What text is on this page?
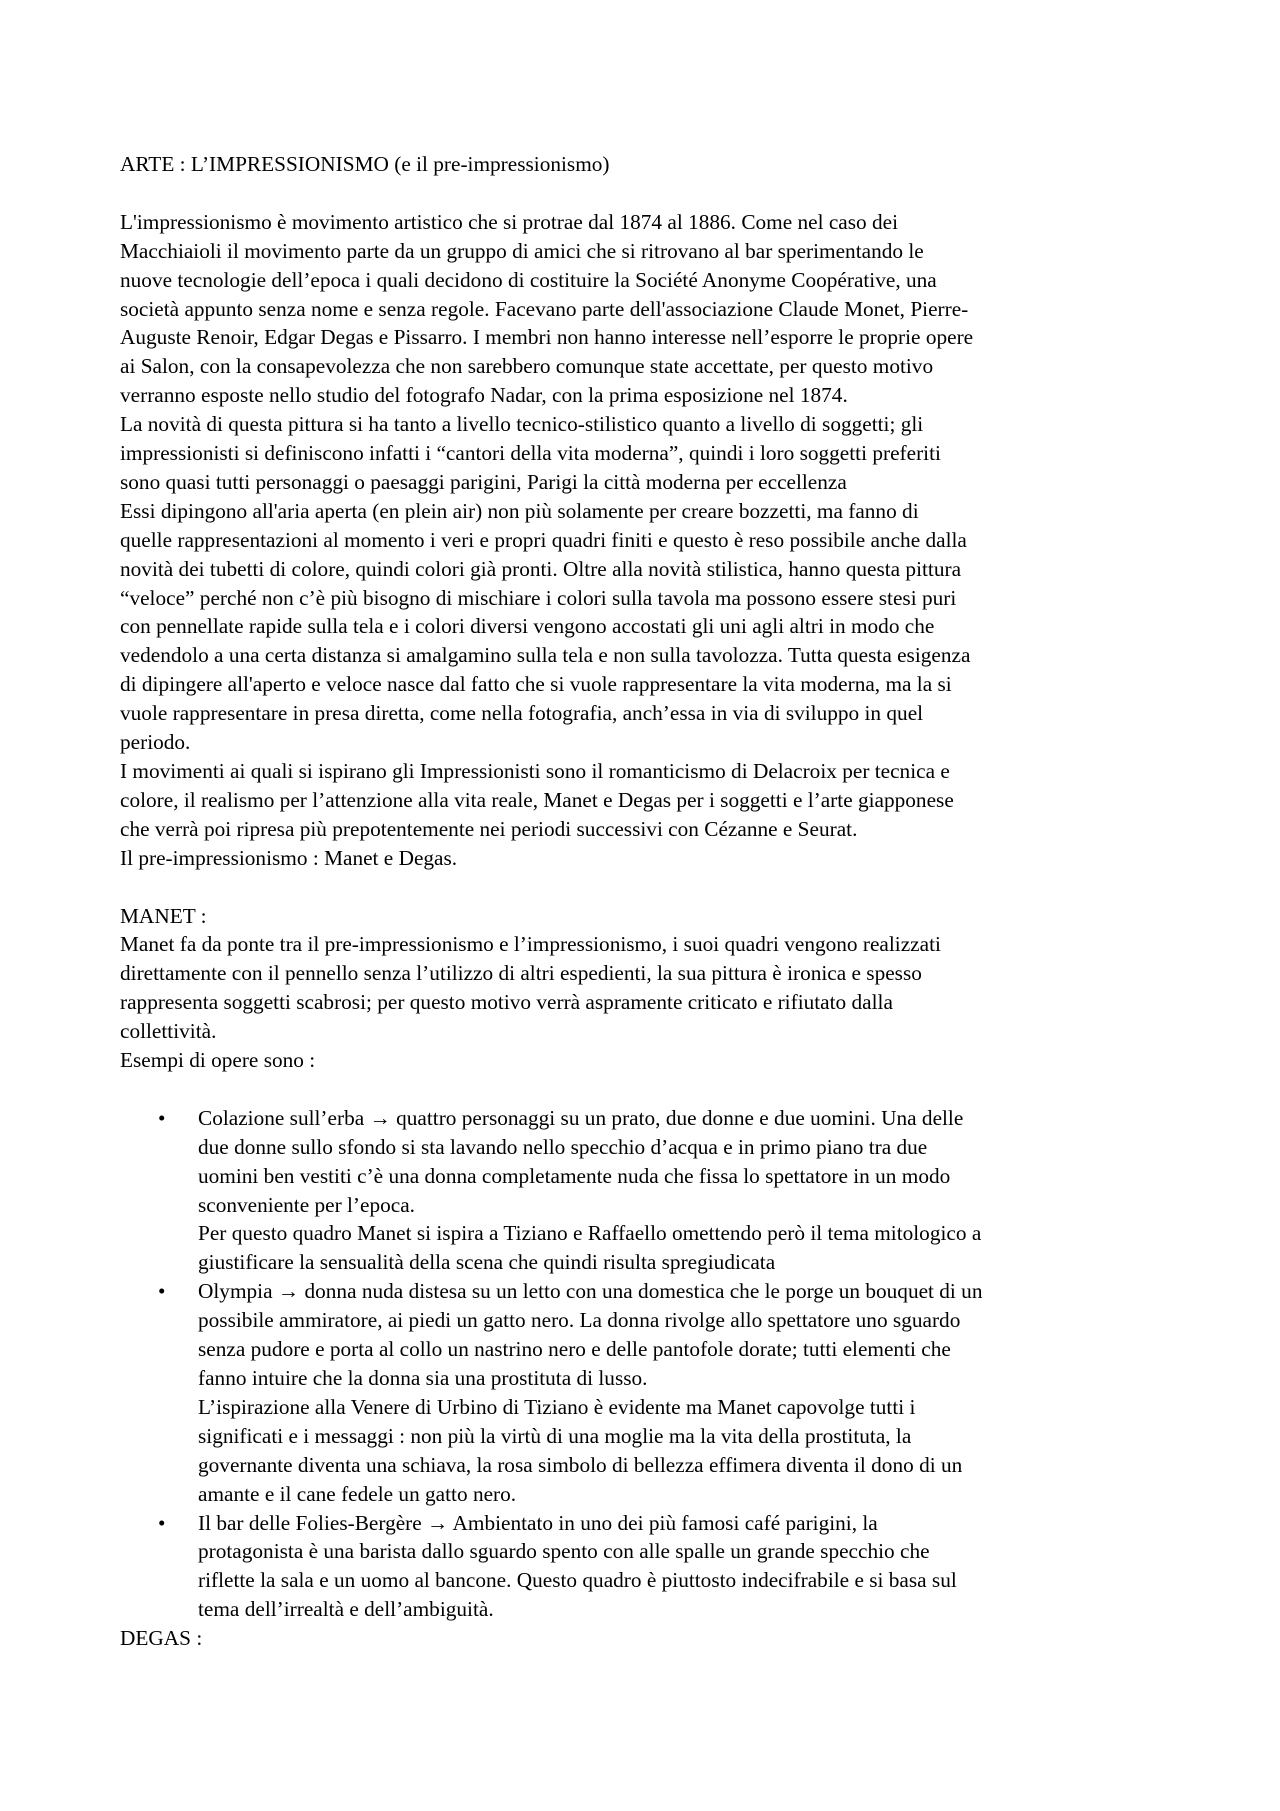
ARTE : L’IMPRESSIONISMO (e il pre-impressionismo)
L'impressionismo è movimento artistico che si protrae dal 1874 al 1886. Come nel caso dei
Macchiaioli il movimento parte da un gruppo di amici che si ritrovano al bar sperimentando le
nuove tecnologie dell’epoca i quali decidono di costituire la Société Anonyme Coopérative, una
società appunto senza nome e senza regole. Facevano parte dell'associazione Claude Monet, Pierre-
Auguste Renoir, Edgar Degas e Pissarro. I membri non hanno interesse nell’esporre le proprie opere
ai Salon, con la consapevolezza che non sarebbero comunque state accettate, per questo motivo
verranno esposte nello studio del fotografo Nadar, con la prima esposizione nel 1874.
La novità di questa pittura si ha tanto a livello tecnico-stilistico quanto a livello di soggetti; gli
impressionisti si definiscono infatti i “cantori della vita moderna”, quindi i loro soggetti preferiti
sono quasi tutti personaggi o paesaggi parigini, Parigi la città moderna per eccellenza
Essi dipingono all'aria aperta (en plein air) non più solamente per creare bozzetti, ma fanno di
quelle rappresentazioni al momento i veri e propri quadri finiti e questo è reso possibile anche dalla
novità dei tubetti di colore, quindi colori già pronti. Oltre alla novità stilistica, hanno questa pittura
“veloce” perché non c’è più bisogno di mischiare i colori sulla tavola ma possono essere stesi puri
con pennellate rapide sulla tela e i colori diversi vengono accostati gli uni agli altri in modo che
vedendolo a una certa distanza si amalgamino sulla tela e non sulla tavolozza. Tutta questa esigenza
di dipingere all'aperto e veloce nasce dal fatto che si vuole rappresentare la vita moderna, ma la si
vuole rappresentare in presa diretta, come nella fotografia, anch’essa in via di sviluppo in quel
periodo.
I movimenti ai quali si ispirano gli Impressionisti sono il romanticismo di Delacroix per tecnica e
colore, il realismo per l’attenzione alla vita reale, Manet e Degas per i soggetti e l’arte giapponese
che verrà poi ripresa più prepotentemente nei periodi successivi con Cézanne e Seurat.
Il pre-impressionismo : Manet e Degas.
MANET :
Manet fa da ponte tra il pre-impressionismo e l’impressionismo, i suoi quadri vengono realizzati
direttamente con il pennello senza l’utilizzo di altri espedienti, la sua pittura è ironica e spesso
rappresenta soggetti scabrosi; per questo motivo verrà aspramente criticato e rifiutato dalla
collettività.
Esempi di opere sono :
• Colazione sull’erba → quattro personaggi su un prato, due donne e due uomini. Una delle
due donne sullo sfondo si sta lavando nello specchio d’acqua e in primo piano tra due
uomini ben vestiti c’è una donna completamente nuda che fissa lo spettatore in un modo
sconveniente per l’epoca.
Per questo quadro Manet si ispira a Tiziano e Raffaello omettendo però il tema mitologico a
giustificare la sensualità della scena che quindi risulta spregiudicata
• Olympia → donna nuda distesa su un letto con una domestica che le porge un bouquet di un
possibile ammiratore, ai piedi un gatto nero. La donna rivolge allo spettatore uno sguardo
senza pudore e porta al collo un nastrino nero e delle pantofole dorate; tutti elementi che
fanno intuire che la donna sia una prostituta di lusso.
L’ispirazione alla Venere di Urbino di Tiziano è evidente ma Manet capovolge tutti i
significati e i messaggi : non più la virtù di una moglie ma la vita della prostituta, la
governante diventa una schiava, la rosa simbolo di bellezza effimera diventa il dono di un
amante e il cane fedele un gatto nero.
• Il bar delle Folies-Bergère → Ambientato in uno dei più famosi café parigini, la
protagonista è una barista dallo sguardo spento con alle spalle un grande specchio che
riflette la sala e un uomo al bancone. Questo quadro è piuttosto indecifrabile e si basa sul
tema dell’irrealtà e dell’ambiguità.
DEGAS :
